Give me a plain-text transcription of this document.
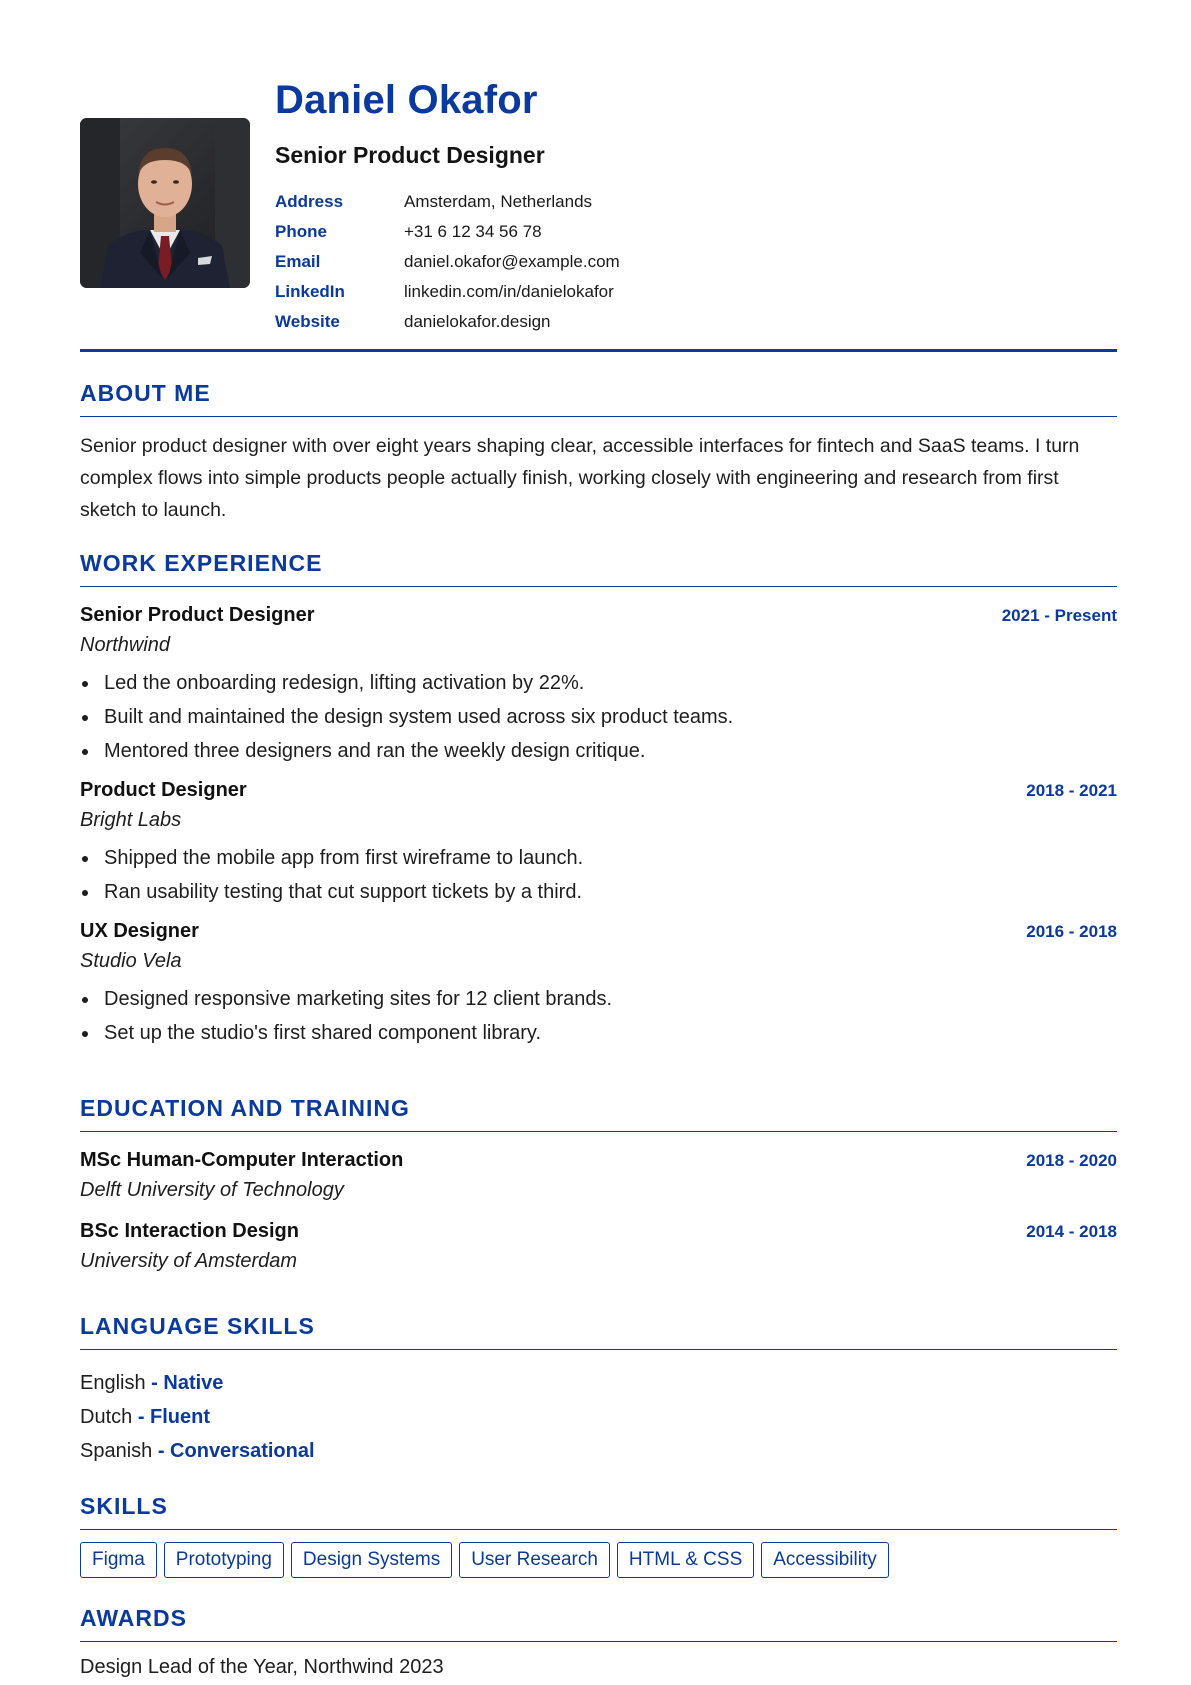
Daniel Okafor
Senior Product Designer
Address	Amsterdam, Netherlands
Phone	+31 6 12 34 56 78
Email	daniel.okafor@example.com
LinkedIn	linkedin.com/in/danielokafor
Website	danielokafor.design
ABOUT ME

Senior product designer with over eight years shaping clear, accessible interfaces for fintech and SaaS teams. I turn complex flows into simple products people actually finish, working closely with engineering and research from first sketch to launch.

WORK EXPERIENCE
Senior Product Designer	2021 - Present
Northwind
Led the onboarding redesign, lifting activation by 22%.
Built and maintained the design system used across six product teams.
Mentored three designers and ran the weekly design critique.
Product Designer	2018 - 2021
Bright Labs
Shipped the mobile app from first wireframe to launch.
Ran usability testing that cut support tickets by a third.
UX Designer	2016 - 2018
Studio Vela
Designed responsive marketing sites for 12 client brands.
Set up the studio's first shared component library.
EDUCATION AND TRAINING
MSc Human-Computer Interaction	2018 - 2020
Delft University of Technology
BSc Interaction Design	2014 - 2018
University of Amsterdam
LANGUAGE SKILLS
English - Native
Dutch - Fluent
Spanish - Conversational
SKILLS
Figma	Prototyping	Design Systems	User Research	HTML & CSS	Accessibility
AWARDS
Design Lead of the Year, Northwind 2023
